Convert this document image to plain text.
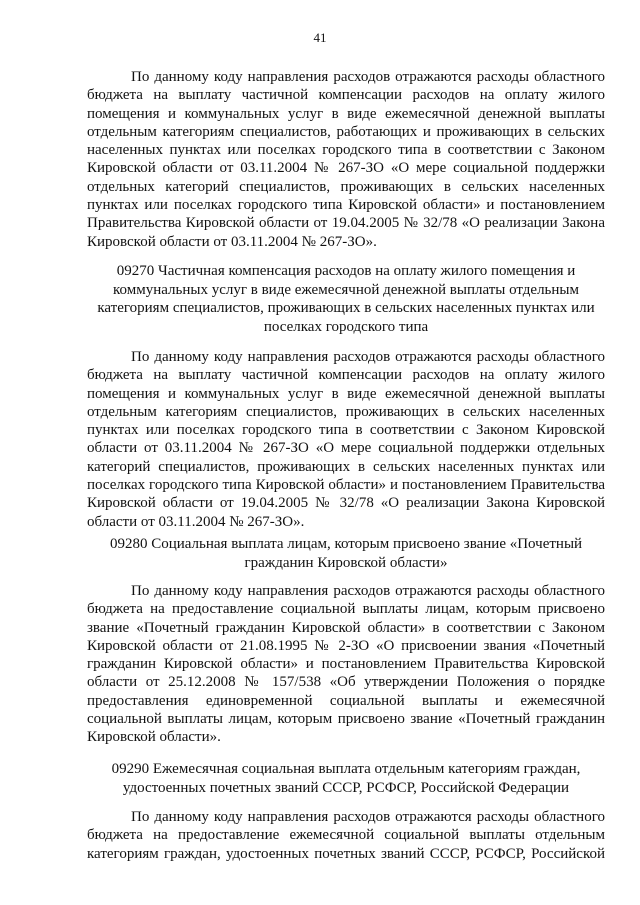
41

По данному коду направления расходов отражаются расходы областного бюджета на выплату частичной компенсации расходов на оплату жилого помещения и коммунальных услуг в виде ежемесячной денежной выплаты отдельным категориям специалистов, работающих и проживающих в сельских населенных пунктах или поселках городского типа в соответствии с Законом Кировской области от 03.11.2004 № 267-ЗО «О мере социальной поддержки отдельных категорий специалистов, проживающих в сельских населенных пунктах или поселках городского типа Кировской области» и постановлением Правительства Кировской области от 19.04.2005 № 32/78 «О реализации Закона Кировской области от 03.11.2004 № 267-ЗО».

09270 Частичная компенсация расходов на оплату жилого помещения и коммунальных услуг в виде ежемесячной денежной выплаты отдельным категориям специалистов, проживающих в сельских населенных пунктах или поселках городского типа

По данному коду направления расходов отражаются расходы областного бюджета на выплату частичной компенсации расходов на оплату жилого помещения и коммунальных услуг в виде ежемесячной денежной выплаты отдельным категориям специалистов, проживающих в сельских населенных пунктах или поселках городского типа в соответствии с Законом Кировской области от 03.11.2004 № 267-ЗО «О мере социальной поддержки отдельных категорий специалистов, проживающих в сельских населенных пунктах или поселках городского типа Кировской области» и постановлением Правительства Кировской области от 19.04.2005 № 32/78 «О реализации Закона Кировской области от 03.11.2004 № 267-ЗО».

09280 Социальная выплата лицам, которым присвоено звание «Почетный гражданин Кировской области»

По данному коду направления расходов отражаются расходы областного бюджета на предоставление социальной выплаты лицам, которым присвоено звание «Почетный гражданин Кировской области» в соответствии с Законом Кировской области от 21.08.1995 № 2-ЗО «О присвоении звания «Почетный гражданин Кировской области» и постановлением Правительства Кировской области от 25.12.2008 № 157/538 «Об утверждении Положения о порядке предоставления единовременной социальной выплаты и ежемесячной социальной выплаты лицам, которым присвоено звание «Почетный гражданин Кировской области».

09290 Ежемесячная социальная выплата отдельным категориям граждан, удостоенных почетных званий СССР, РСФСР, Российской Федерации

По данному коду направления расходов отражаются расходы областного бюджета на предоставление ежемесячной социальной выплаты отдельным категориям граждан, удостоенных почетных званий СССР, РСФСР, Российской
